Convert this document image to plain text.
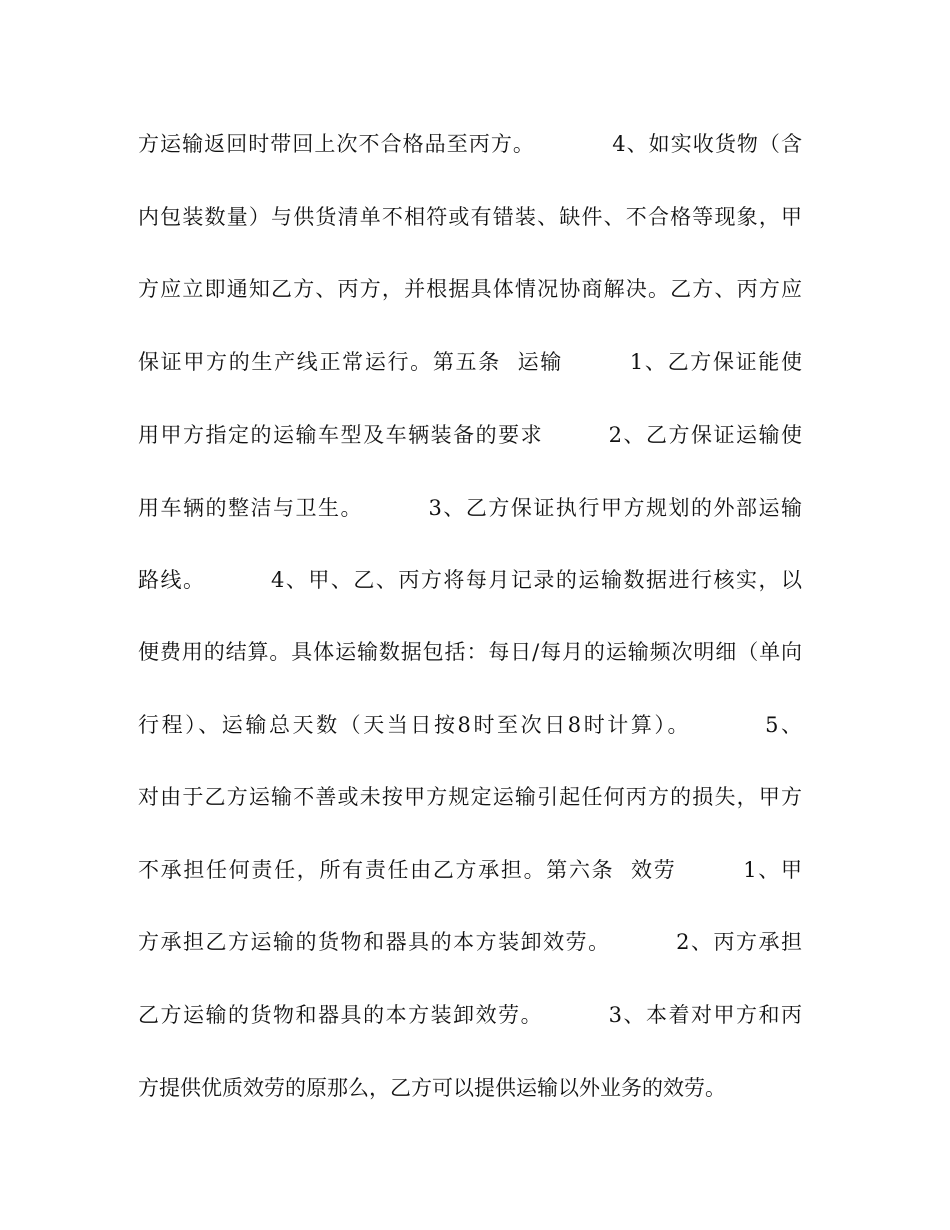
方运输返回时带回上次不合格品至丙方。          4、如实收货物（含
内包装数量）与供货清单不相符或有错装、缺件、不合格等现象，甲
方应立即通知乙方、丙方，并根据具体情况协商解决。乙方、丙方应
保证甲方的生产线正常运行。第五条  运输        1、乙方保证能使
用甲方指定的运输车型及车辆装备的要求        2、乙方保证运输使
用车辆的整洁与卫生。        3、乙方保证执行甲方规划的外部运输
路线。        4、甲、乙、丙方将每月记录的运输数据进行核实，以
便费用的结算。具体运输数据包括：每日/每月的运输频次明细（单向
行程）、运输总天数（天当日按8时至次日8时计算）。        5、
对由于乙方运输不善或未按甲方规定运输引起任何丙方的损失，甲方
不承担任何责任，所有责任由乙方承担。第六条  效劳        1、甲
方承担乙方运输的货物和器具的本方装卸效劳。        2、丙方承担
乙方运输的货物和器具的本方装卸效劳。        3、本着对甲方和丙
方提供优质效劳的原那么，乙方可以提供运输以外业务的效劳。
